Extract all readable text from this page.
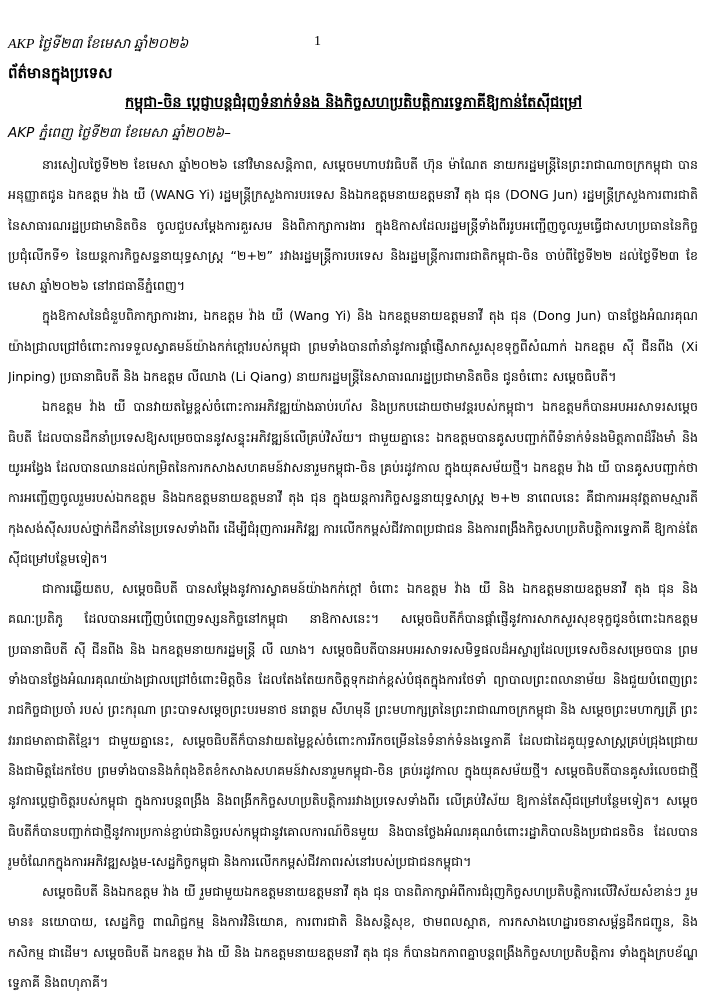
AKP ថ្ងៃទី២៣ ខែមេសា ឆ្នាំ២០២៦	1
ព័ត៌មានក្នុងប្រទេស
កម្ពុជា-ចិន ប្តេជ្ញាបន្តជំរុញទំនាក់ទំនង និងកិច្ចសហប្រតិបត្តិការទ្វេភាគីឱ្យកាន់តែស៊ីជម្រៅ
AKP ភ្នំពេញ ថ្ងៃទី២៣ ខែមេសា ឆ្នាំ២០២៦–

នារសៀលថ្ងៃទី២២ ខែមេសា ឆ្នាំ២០២៦ នៅវិមានសន្តិភាព, សម្តេចមហាបវរធិបតី ហ៊ុន ម៉ាណែត នាយករដ្ឋមន្ត្រីនៃព្រះរាជាណាចក្រកម្ពុជា បានអនុញ្ញាតជូន ឯកឧត្តម វ៉ាង យី (WANG Yi) រដ្ឋមន្ត្រីក្រសួងការបរទេស និងឯកឧត្តមនាយឧត្តមនាវី តុង ជុន (DONG Jun) រដ្ឋមន្ត្រីក្រសួងការពារជាតិ នៃសាធារណរដ្ឋប្រជាមានិតចិន ចូលជួបសម្តែងការគួរសម និងពិភាក្សាការងារ ក្នុងឱកាសដែលរដ្ឋមន្ត្រីទាំងពីររូបអញ្ជើញចូលរួមធ្វើជាសហប្រធាននៃកិច្ចប្រជុំលើកទី១ នៃយន្តការកិច្ចសន្ទនាយុទ្ធសាស្ត្រ “២+២” រវាងរដ្ឋមន្ត្រីការបរទេស និងរដ្ឋមន្ត្រីការពារជាតិកម្ពុជា-ចិន ចាប់ពីថ្ងៃទី២២ ដល់ថ្ងៃទី២៣ ខែមេសា ឆ្នាំ២០២៦ នៅរាជធានីភ្នំពេញ។

ក្នុងឱកាសនៃជំនួបពិភាក្សាការងារ, ឯកឧត្តម វ៉ាង យី (Wang Yi) និង ឯកឧត្តមនាយឧត្តមនាវី តុង ជុន (Dong Jun) បានថ្លែងអំណរគុណយ៉ាងជ្រាលជ្រៅចំពោះការទទួលស្វាគមន៍យ៉ាងកក់ក្តៅរបស់កម្ពុជា ព្រមទាំងបានពាំនាំនូវការផ្តាំផ្ញើសាកសួរសុខទុក្ខពីសំណាក់ ឯកឧត្តម ស៊ី ជីនពីង (Xi Jinping) ប្រធានាធិបតី និង ឯកឧត្តម លីឈាង (Li Qiang) នាយករដ្ឋមន្ត្រីនៃសាធារណរដ្ឋប្រជាមានិតចិន ជូនចំពោះ សម្តេចធិបតី។

ឯកឧត្តម វ៉ាង យី បានវាយតម្លៃខ្ពស់ចំពោះការអភិវឌ្ឍយ៉ាងឆាប់រហ័ស និងប្រកបដោយថាមវន្តរបស់កម្ពុជា។ ឯកឧត្តមក៏បានអបអរសាទរសម្តេចធិបតី ដែលបានដឹកនាំប្រទេសឱ្យសម្រេចបាននូវសន្ទុះអភិវឌ្ឍន៍លើគ្រប់វិស័យ។ ជាមួយគ្នានេះ ឯកឧត្តមបានគូសបញ្ជាក់ពីទំនាក់ទំនងមិត្តភាពដ៏រឹងមាំ និងយូរអង្វែង ដែលបានឈានដល់កម្រិតនៃការកសាងសហគមន៍វាសនារួមកម្ពុជា-ចិន គ្រប់រដូវកាល ក្នុងយុគសម័យថ្មី។ ឯកឧត្តម វ៉ាង យី បានគូសបញ្ជាក់ថា ការអញ្ជើញចូលរួមរបស់ឯកឧត្តម និងឯកឧត្តមនាយឧត្តមនាវី តុង ជុន ក្នុងយន្តការកិច្ចសន្ទនាយុទ្ធសាស្ត្រ ២+២ នាពេលនេះ គឺជាការអនុវត្តតាមស្មារតីកុងសង់ស៊ីសរបស់ថ្នាក់ដឹកនាំនៃប្រទេសទាំងពីរ ដើម្បីជំរុញការអភិវឌ្ឍ ការលើកកម្ពស់ជីវភាពប្រជាជន និងការពង្រឹងកិច្ចសហប្រតិបត្តិការទ្វេភាគី ឱ្យកាន់តែស៊ីជម្រៅបន្ថែមទៀត។

ជាការឆ្លើយតប, សម្តេចធិបតី បានសម្តែងនូវការស្វាគមន៍យ៉ាងកក់ក្តៅ ចំពោះ ឯកឧត្តម វ៉ាង យី និង ឯកឧត្តមនាយឧត្តមនាវី តុង ជុន និងគណៈប្រតិភូ ដែលបានអញ្ជើញបំពេញទស្សនកិច្ចនៅកម្ពុជា នាឱកាសនេះ។ សម្តេចធិបតីក៏បានផ្តាំផ្ញើនូវការសាកសួរសុខទុក្ខជូនចំពោះឯកឧត្តមប្រធានាធិបតី ស៊ី ជីនពីង និង ឯកឧត្តមនាយករដ្ឋមន្ត្រី លី ឈាង។ សម្តេចធិបតីបានអបអរសាទរសមិទ្ធផលដ៏អស្ចារ្យដែលប្រទេសចិនសម្រេចបាន ព្រមទាំងបានថ្លែងអំណរគុណយ៉ាងជ្រាលជ្រៅចំពោះមិត្តចិន ដែលតែងតែយកចិត្តទុកដាក់ខ្ពស់បំផុតក្នុងការថែទាំ ព្យាបាលព្រះពលានាម័យ និងជួយបំពេញព្រះរាជកិច្ចជាប្រចាំ របស់ ព្រះករុណា ព្រះបាទសម្តេចព្រះបរមនាថ នរោត្តម សីហមុនី ព្រះមហាក្សត្រនៃព្រះរាជាណាចក្រកម្ពុជា និង សម្តេចព្រះមហាក្សត្រី ព្រះវររាជមាតាជាតិខ្មែរ។ ជាមួយគ្នានេះ, សម្តេចធិបតីក៏បានវាយតម្លៃខ្ពស់ចំពោះការរីកចម្រើននៃទំនាក់ទំនងទ្វេភាគី ដែលជាដៃគូយុទ្ធសាស្ត្រគ្រប់ជ្រុងជ្រោយ និងជាមិត្តដែកថែប ព្រមទាំងបាននិងកំពុងខិតខំកសាងសហគមន៍វាសនារួមកម្ពុជា-ចិន គ្រប់រដូវកាល ក្នុងយុគសម័យថ្មី។ សម្តេចធិបតីបានគូសរំលេចជាថ្មីនូវការប្តេជ្ញាចិត្តរបស់កម្ពុជា ក្នុងការបន្តពង្រឹង និងពង្រីកកិច្ចសហប្រតិបត្តិការរវាងប្រទេសទាំងពីរ លើគ្រប់វិស័យ ឱ្យកាន់តែស៊ីជម្រៅបន្ថែមទៀត។ សម្តេចធិបតីក៏បានបញ្ជាក់ជាថ្មីនូវការប្រកាន់ខ្ជាប់ជានិច្ចរបស់កម្ពុជានូវគោលការណ៍ចិនមួយ និងបានថ្លែងអំណរគុណចំពោះរដ្ឋាភិបាលនិងប្រជាជនចិន ដែលបានរួមចំណែកក្នុងការអភិវឌ្ឍសង្គម-សេដ្ឋកិច្ចកម្ពុជា និងការលើកកម្ពស់ជីវភាពរស់នៅរបស់ប្រជាជនកម្ពុជា។

សម្តេចធិបតី និងឯកឧត្តម វ៉ាង យី រួមជាមួយឯកឧត្តមនាយឧត្តមនាវី តុង ជុន បានពិភាក្សាអំពីការជំរុញកិច្ចសហប្រតិបត្តិការលើវិស័យសំខាន់ៗ រួមមាន៖ នយោបាយ, សេដ្ឋកិច្ច ពាណិជ្ជកម្ម និងការវិនិយោគ, ការពារជាតិ និងសន្តិសុខ, ថាមពលស្អាត, ការកសាងហេដ្ឋារចនាសម្ព័ន្ធដឹកជញ្ជូន, និងកសិកម្ម ជាដើម។ សម្តេចធិបតី ឯកឧត្តម វ៉ាង យី និង ឯកឧត្តមនាយឧត្តមនាវី តុង ជុន ក៏បានឯកភាពគ្នាបន្តពង្រឹងកិច្ចសហប្រតិបត្តិការ ទាំងក្នុងក្របខ័ណ្ឌទ្វេភាគី និងពហុភាគី។
